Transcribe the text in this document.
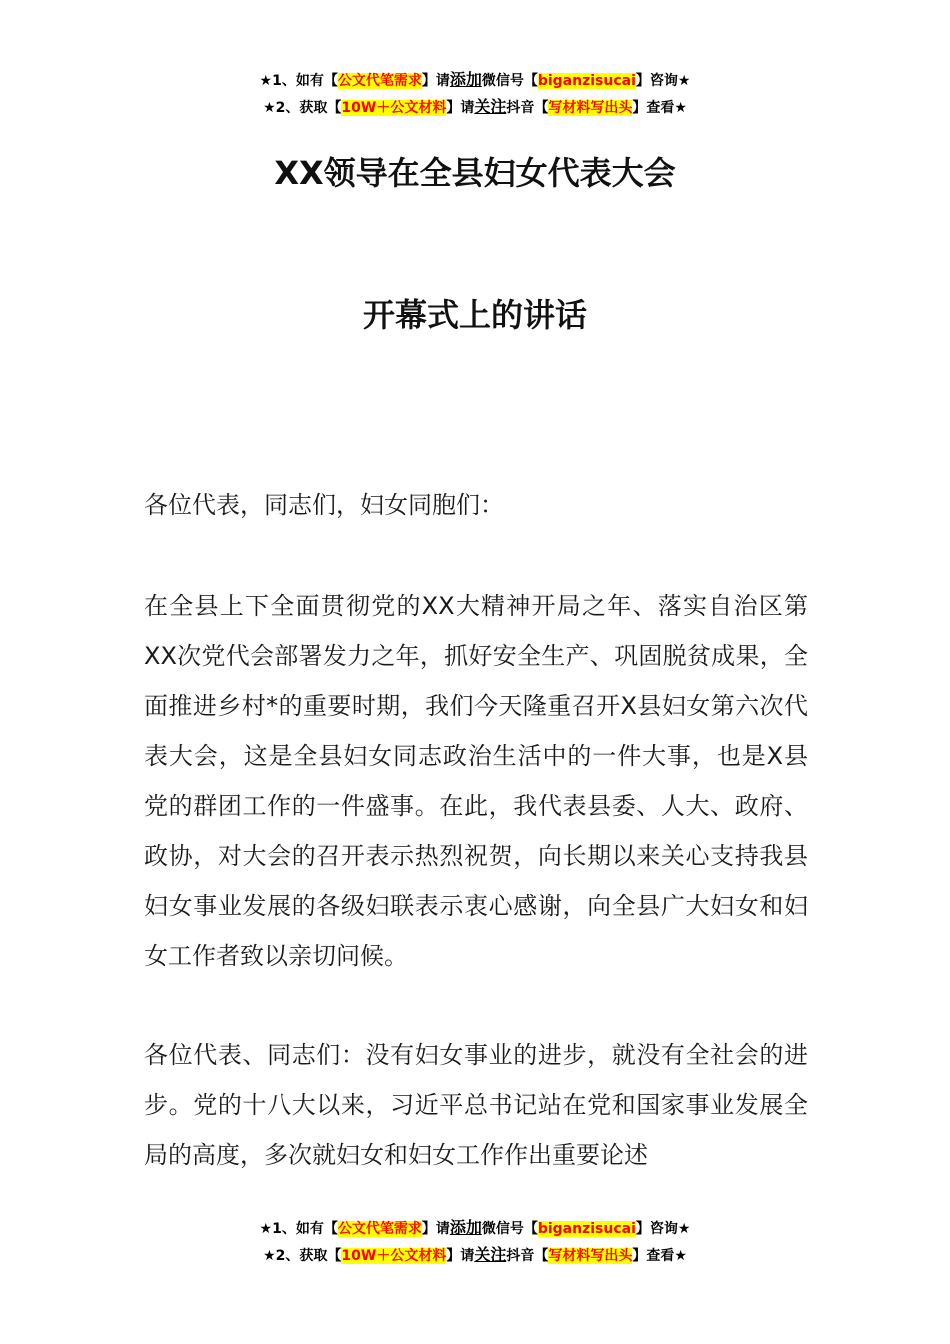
★1、如有【公文代笔需求】请添加微信号【biganzisucai】咨询★
★2、获取【10W＋公文材料】请关注抖音【写材料写出头】查看★
XX领导在全县妇女代表大会
开幕式上的讲话

各位代表，同志们，妇女同胞们：

在全县上下全面贯彻党的XX大精神开局之年、落实自治区第XX次党代会部署发力之年，抓好安全生产、巩固脱贫成果，全面推进乡村*的重要时期，我们今天隆重召开X县妇女第六次代表大会，这是全县妇女同志政治生活中的一件大事，也是X县党的群团工作的一件盛事。在此，我代表县委、人大、政府、政协，对大会的召开表示热烈祝贺，向长期以来关心支持我县妇女事业发展的各级妇联表示衷心感谢，向全县广大妇女和妇女工作者致以亲切问候。

各位代表、同志们：没有妇女事业的进步，就没有全社会的进步。党的十八大以来，习近平总书记站在党和国家事业发展全局的高度，多次就妇女和妇女工作作出重要论述

★1、如有【公文代笔需求】请添加微信号【biganzisucai】咨询★
★2、获取【10W＋公文材料】请关注抖音【写材料写出头】查看★
